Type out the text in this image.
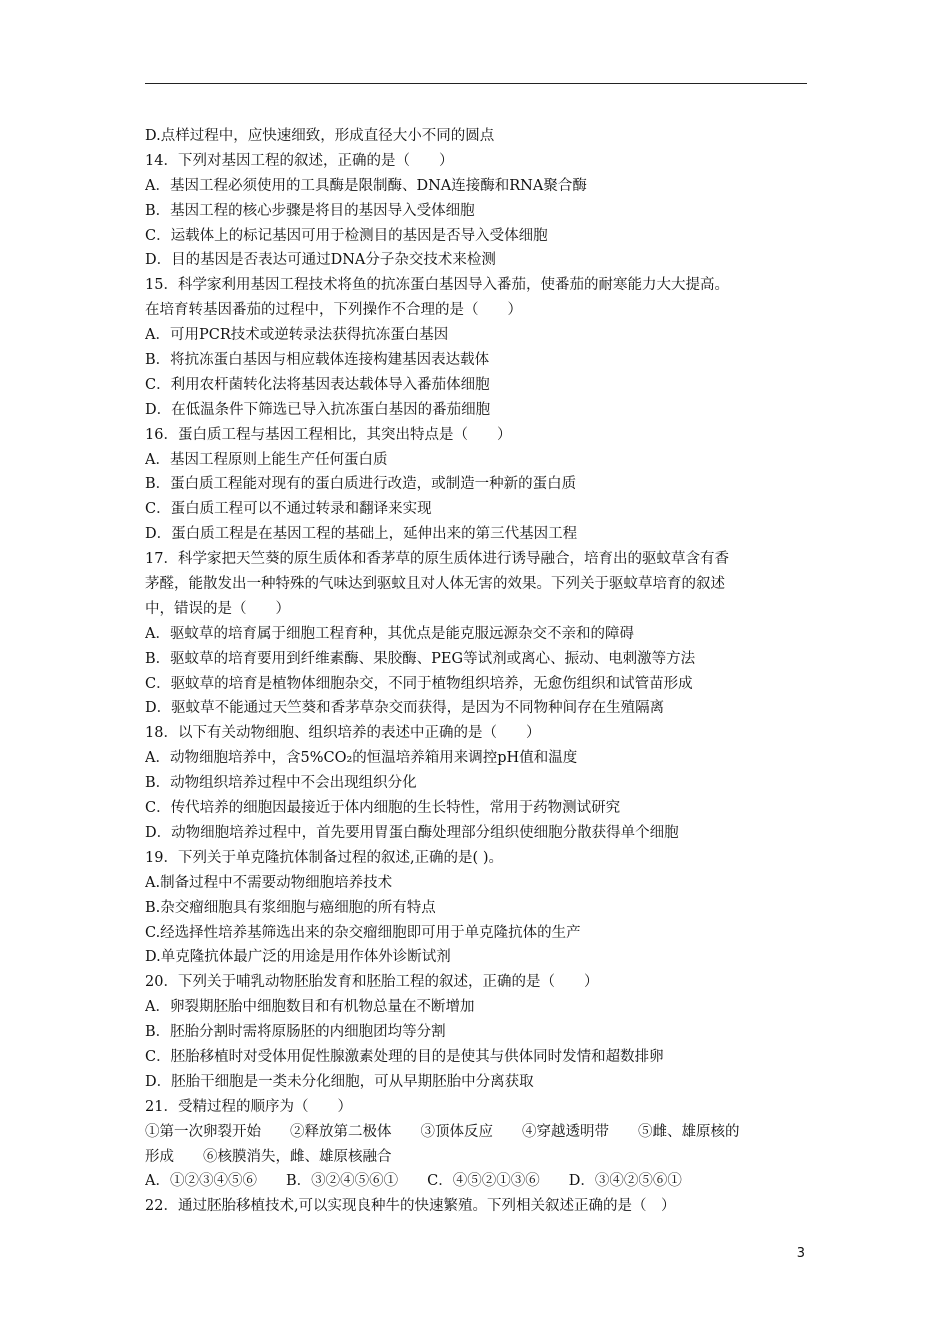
D.点样过程中，应快速细致，形成直径大小不同的圆点
14．下列对基因工程的叙述，正确的是（　　）
A．基因工程必须使用的工具酶是限制酶、DNA连接酶和RNA聚合酶
B．基因工程的核心步骤是将目的基因导入受体细胞
C．运载体上的标记基因可用于检测目的基因是否导入受体细胞
D．目的基因是否表达可通过DNA分子杂交技术来检测
15．科学家利用基因工程技术将鱼的抗冻蛋白基因导入番茄，使番茄的耐寒能力大大提高。
在培育转基因番茄的过程中，下列操作不合理的是（　　）
A．可用PCR技术或逆转录法获得抗冻蛋白基因
B．将抗冻蛋白基因与相应载体连接构建基因表达载体
C．利用农杆菌转化法将基因表达载体导入番茄体细胞
D．在低温条件下筛选已导入抗冻蛋白基因的番茄细胞
16．蛋白质工程与基因工程相比，其突出特点是（　　）
A．基因工程原则上能生产任何蛋白质
B．蛋白质工程能对现有的蛋白质进行改造，或制造一种新的蛋白质
C．蛋白质工程可以不通过转录和翻译来实现
D．蛋白质工程是在基因工程的基础上，延伸出来的第三代基因工程
17．科学家把天竺葵的原生质体和香茅草的原生质体进行诱导融合，培育出的驱蚊草含有香
茅醛，能散发出一种特殊的气味达到驱蚊且对人体无害的效果。下列关于驱蚊草培育的叙述
中，错误的是（　　）
A．驱蚊草的培育属于细胞工程育种，其优点是能克服远源杂交不亲和的障碍
B．驱蚊草的培育要用到纤维素酶、果胶酶、PEG等试剂或离心、振动、电刺激等方法
C．驱蚊草的培育是植物体细胞杂交，不同于植物组织培养，无愈伤组织和试管苗形成
D．驱蚊草不能通过天竺葵和香茅草杂交而获得，是因为不同物种间存在生殖隔离
18．以下有关动物细胞、组织培养的表述中正确的是（　　）
A．动物细胞培养中，含5%CO₂的恒温培养箱用来调控pH值和温度
B．动物组织培养过程中不会出现组织分化
C．传代培养的细胞因最接近于体内细胞的生长特性，常用于药物测试研究
D．动物细胞培养过程中，首先要用胃蛋白酶处理部分组织使细胞分散获得单个细胞
19．下列关于单克隆抗体制备过程的叙述,正确的是( )。
A.制备过程中不需要动物细胞培养技术
B.杂交瘤细胞具有浆细胞与癌细胞的所有特点
C.经选择性培养基筛选出来的杂交瘤细胞即可用于单克隆抗体的生产
D.单克隆抗体最广泛的用途是用作体外诊断试剂
20．下列关于哺乳动物胚胎发育和胚胎工程的叙述，正确的是（　　）
A．卵裂期胚胎中细胞数目和有机物总量在不断增加
B．胚胎分割时需将原肠胚的内细胞团均等分割
C．胚胎移植时对受体用促性腺激素处理的目的是使其与供体同时发情和超数排卵
D．胚胎干细胞是一类未分化细胞，可从早期胚胎中分离获取
21．受精过程的顺序为（　　）
①第一次卵裂开始　　②释放第二极体　　③顶体反应　　④穿越透明带　　⑤雌、雄原核的
形成　　⑥核膜消失，雌、雄原核融合
A．①②③④⑤⑥　　B．③②④⑤⑥①　　C．④⑤②①③⑥　　D．③④②⑤⑥①
22．通过胚胎移植技术,可以实现良种牛的快速繁殖。下列相关叙述正确的是（　）
3
